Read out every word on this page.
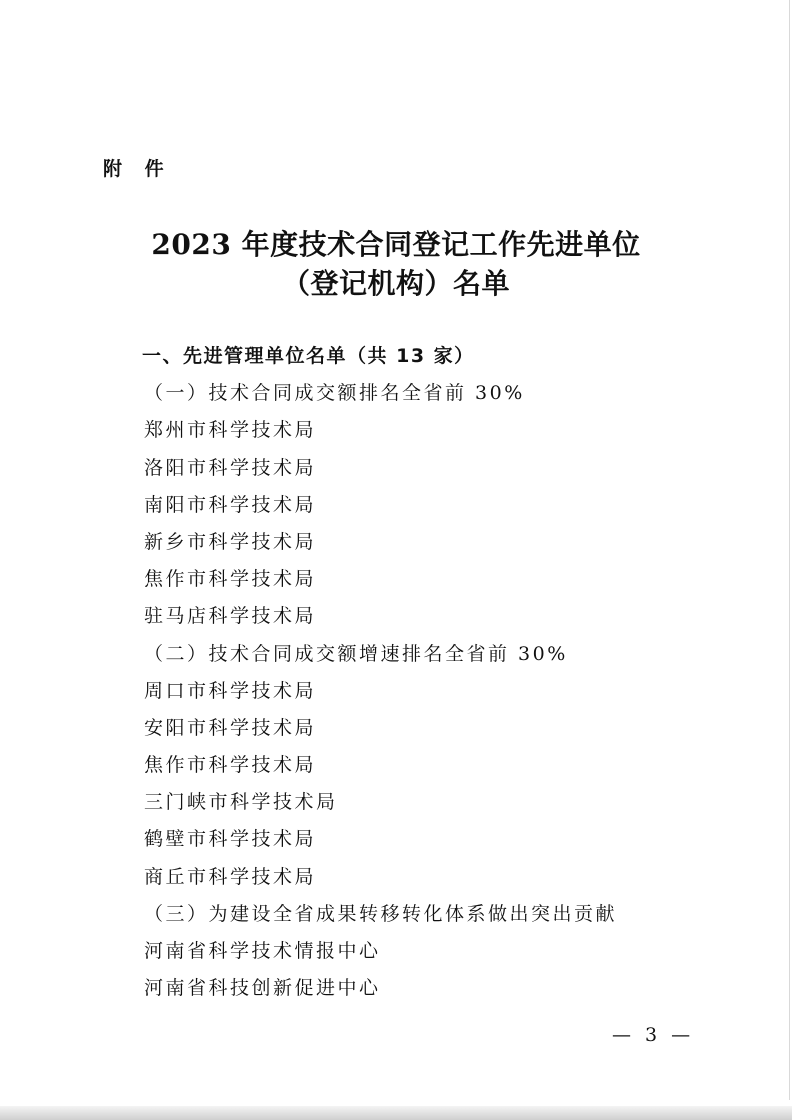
附 件
2023 年度技术合同登记工作先进单位
（登记机构）名单
一、先进管理单位名单（共 13 家）
（一）技术合同成交额排名全省前 30%
郑州市科学技术局
洛阳市科学技术局
南阳市科学技术局
新乡市科学技术局
焦作市科学技术局
驻马店科学技术局
（二）技术合同成交额增速排名全省前 30%
周口市科学技术局
安阳市科学技术局
焦作市科学技术局
三门峡市科学技术局
鹤壁市科学技术局
商丘市科学技术局
（三）为建设全省成果转移转化体系做出突出贡献
河南省科学技术情报中心
河南省科技创新促进中心
— 3 —
